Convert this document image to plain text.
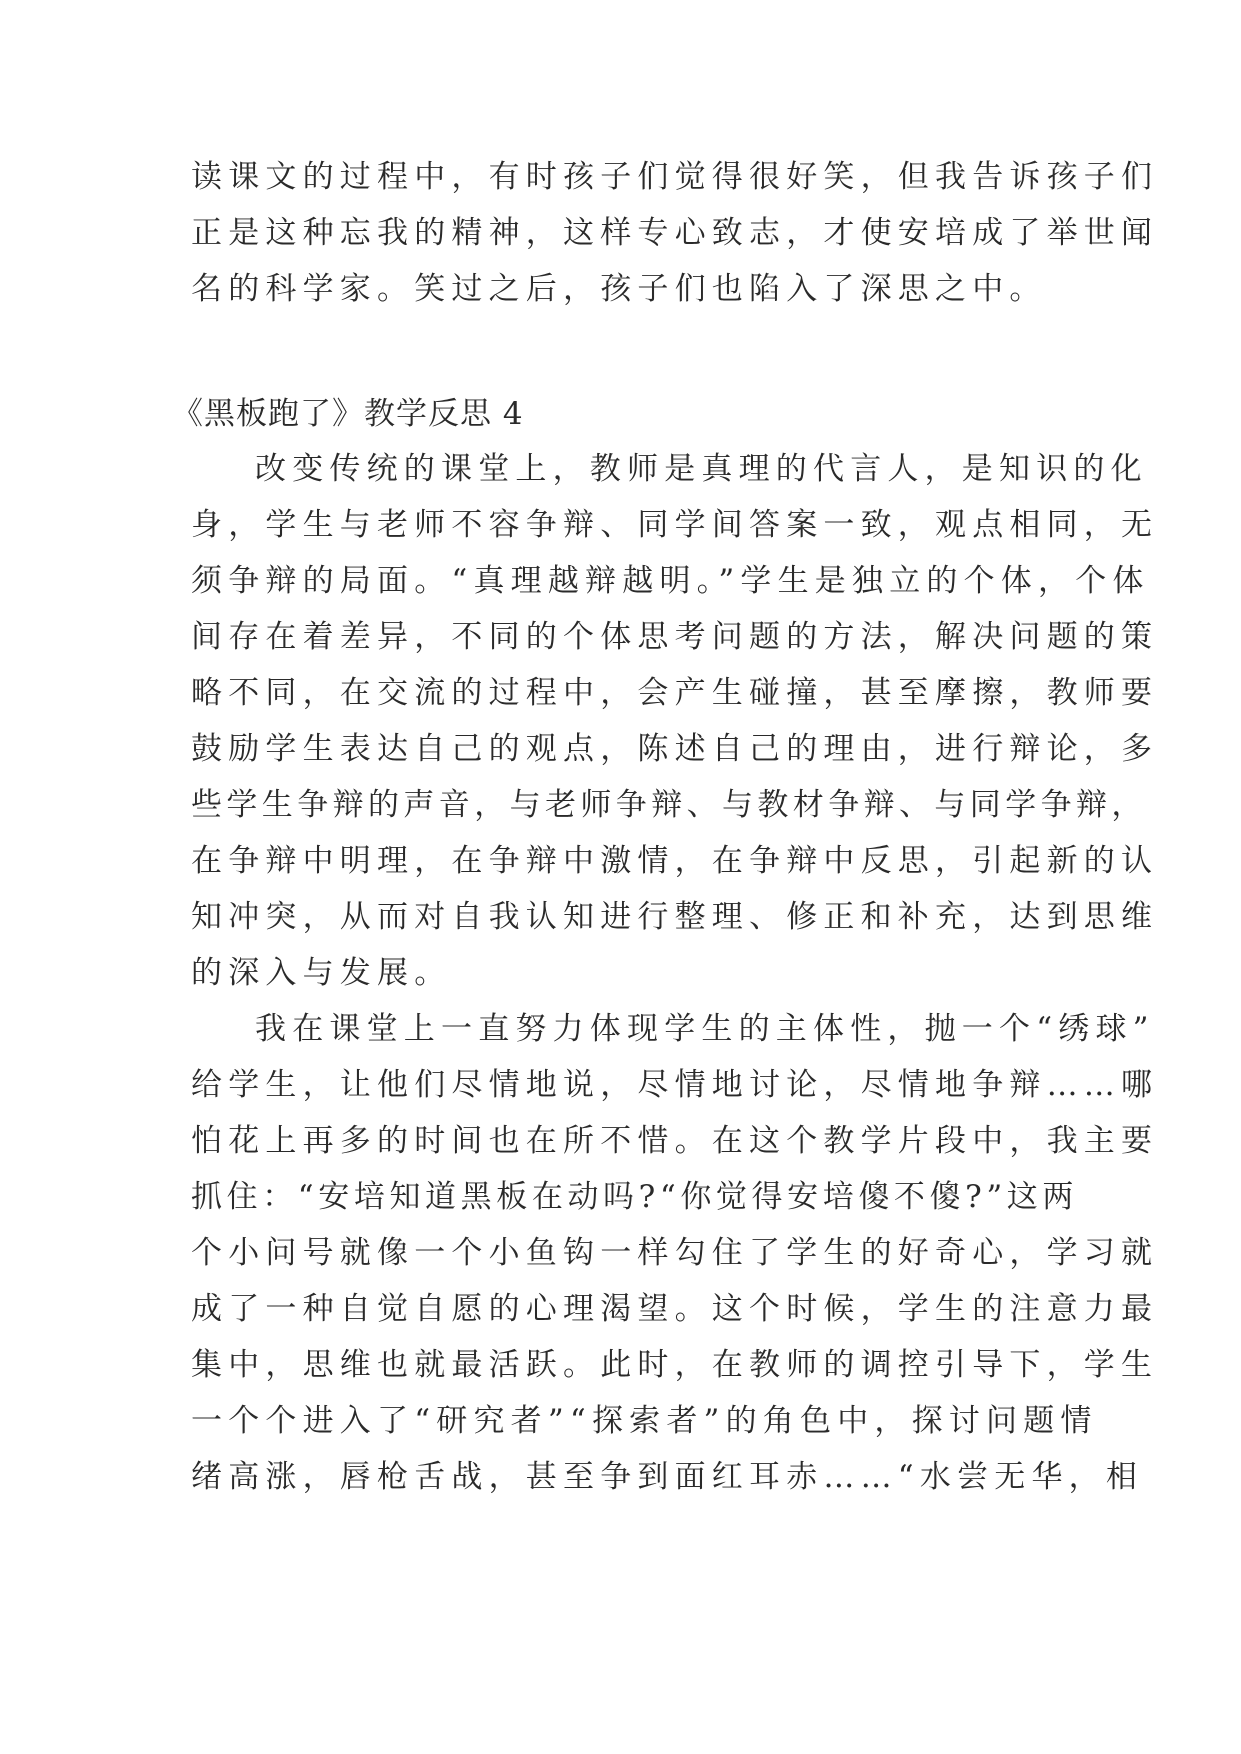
读课文的过程中，有时孩子们觉得很好笑，但我告诉孩子们
正是这种忘我的精神，这样专心致志，才使安培成了举世闻
名的科学家。笑过之后，孩子们也陷入了深思之中。
《黑板跑了》教学反思 4
改变传统的课堂上，教师是真理的代言人，是知识的化
身，学生与老师不容争辩、同学间答案一致，观点相同，无
须争辩的局面。“真理越辩越明。”学生是独立的个体，个体
间存在着差异，不同的个体思考问题的方法，解决问题的策
略不同，在交流的过程中，会产生碰撞，甚至摩擦，教师要
鼓励学生表达自己的观点，陈述自己的理由，进行辩论，多
些学生争辩的声音，与老师争辩、与教材争辩、与同学争辩，
在争辩中明理，在争辩中激情，在争辩中反思，引起新的认
知冲突，从而对自我认知进行整理、修正和补充，达到思维
的深入与发展。
我在课堂上一直努力体现学生的主体性，抛一个“绣球”
给学生，让他们尽情地说，尽情地讨论，尽情地争辩……哪
怕花上再多的时间也在所不惜。在这个教学片段中，我主要
抓住：“安培知道黑板在动吗?“你觉得安培傻不傻?”这两
个小问号就像一个小鱼钩一样勾住了学生的好奇心，学习就
成了一种自觉自愿的心理渴望。这个时候，学生的注意力最
集中，思维也就最活跃。此时，在教师的调控引导下，学生
一个个进入了“研究者”“探索者”的角色中，探讨问题情
绪高涨，唇枪舌战，甚至争到面红耳赤……“水尝无华，相
